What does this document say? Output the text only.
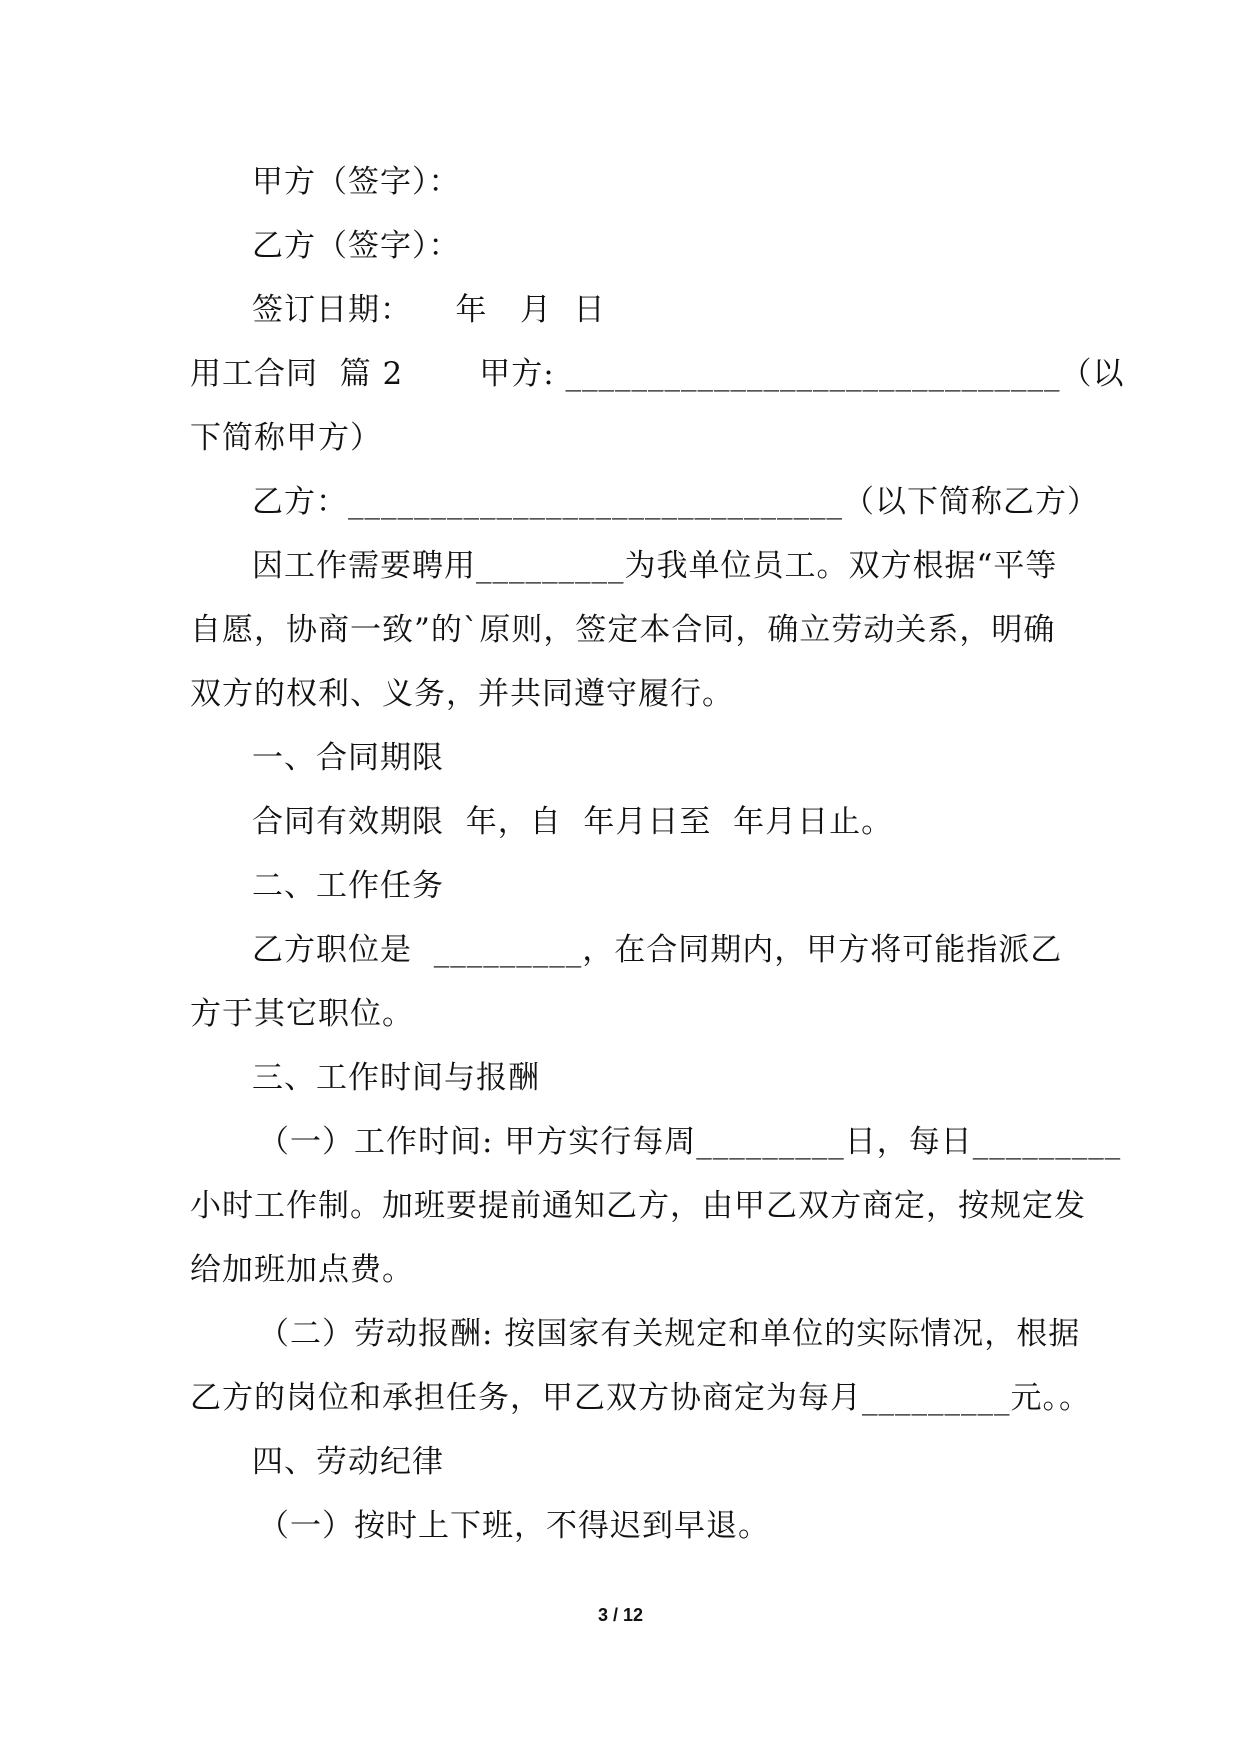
甲方（签字）：
乙方（签字）：
签订日期：    年   月  日
用工合同  篇 2       甲方: ______________________________（以
下简称甲方）
乙方：______________________________（以下简称乙方）
因工作需要聘用_________为我单位员工。双方根据“平等
自愿，协商一致”的`原则，签定本合同，确立劳动关系，明确
双方的权利、义务，并共同遵守履行。
一、合同期限
合同有效期限  年，自  年月日至  年月日止。
二、工作任务
乙方职位是  _________，在合同期内，甲方将可能指派乙
方于其它职位。
三、工作时间与报酬
（一）工作时间: 甲方实行每周_________日，每日_________
小时工作制。加班要提前通知乙方，由甲乙双方商定，按规定发
给加班加点费。
（二）劳动报酬: 按国家有关规定和单位的实际情况，根据
乙方的岗位和承担任务，甲乙双方协商定为每月_________元。。
四、劳动纪律
（一）按时上下班，不得迟到早退。
3 / 12
